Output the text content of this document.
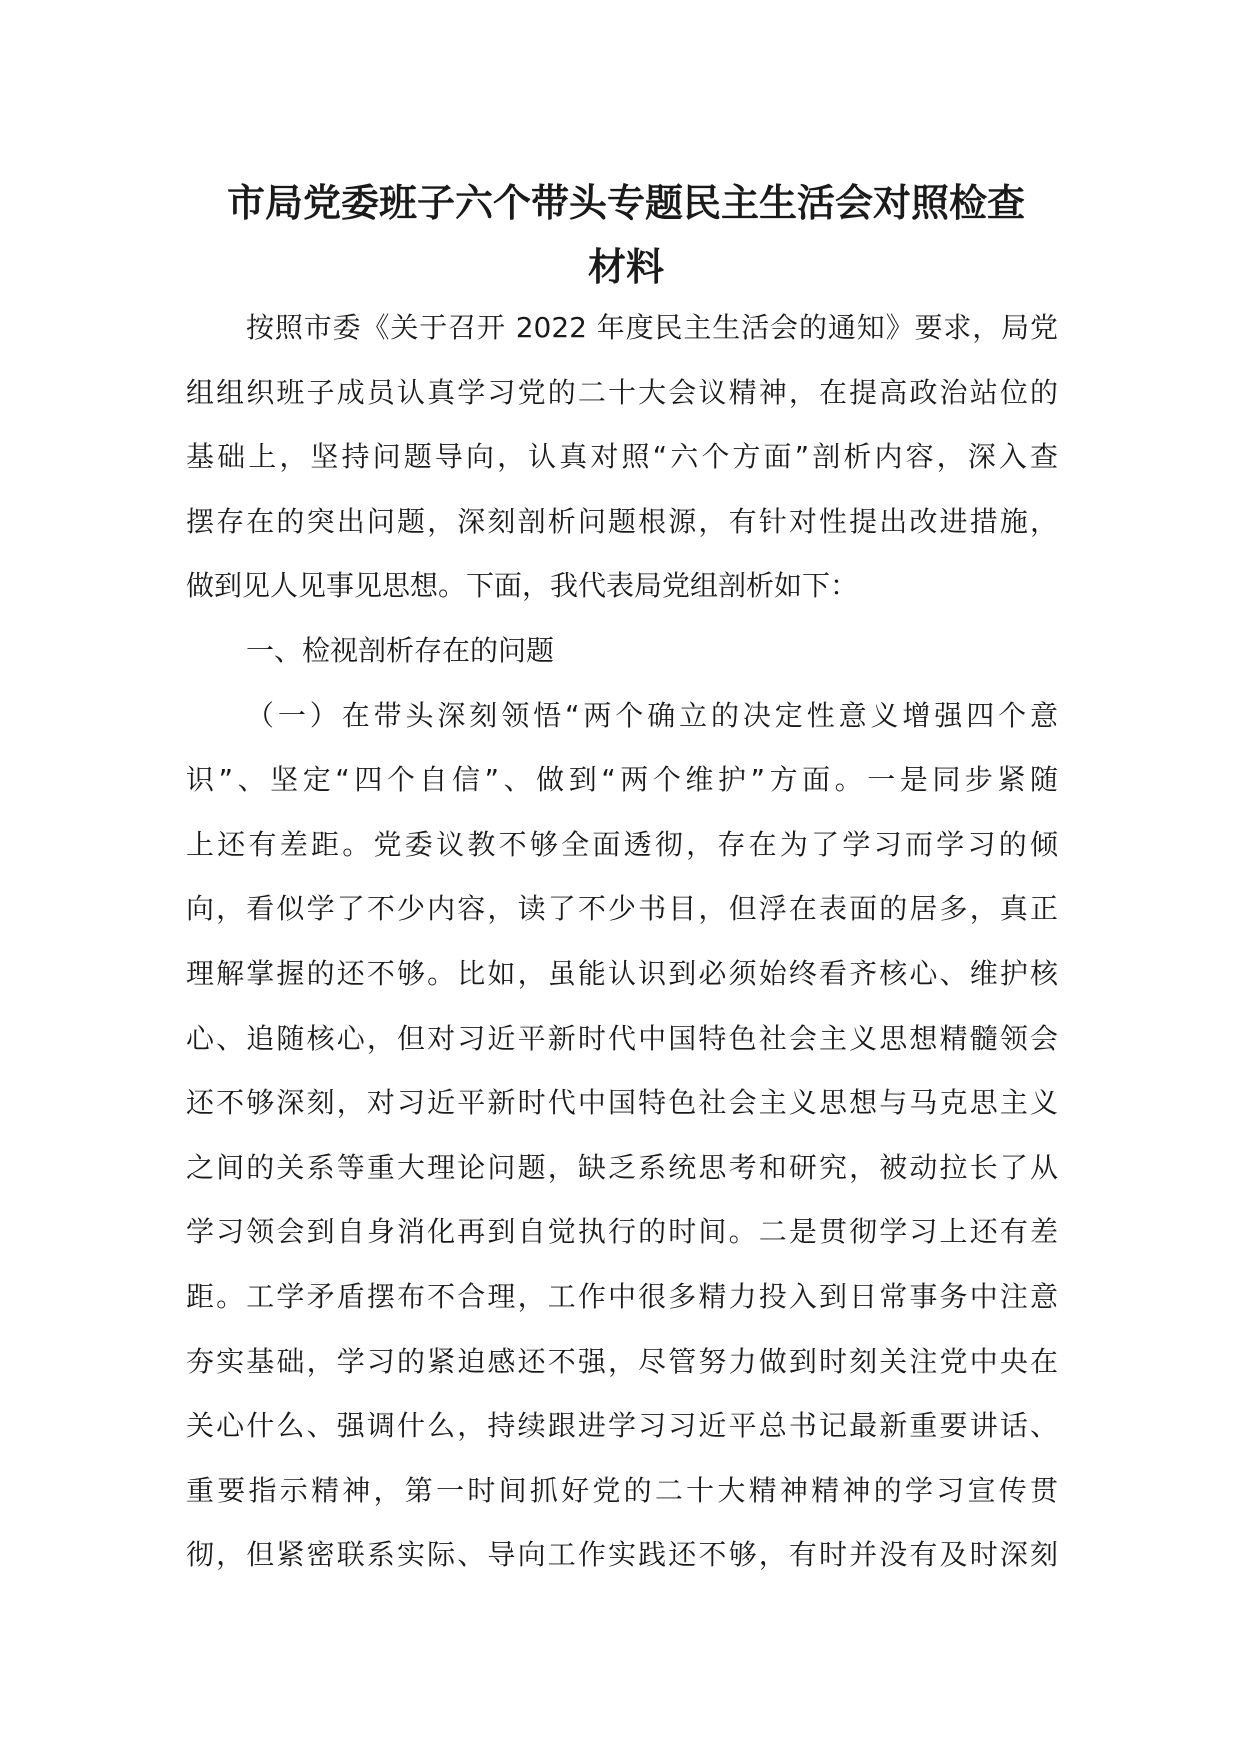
市局党委班子六个带头专题民主生活会对照检查
材料
按照市委《关于召开 2022 年度民主生活会的通知》要求，局党
组组织班子成员认真学习党的二十大会议精神，在提高政治站位的
基础上，坚持问题导向，认真对照“六个方面”剖析内容，深入查
摆存在的突出问题，深刻剖析问题根源，有针对性提出改进措施，
做到见人见事见思想。下面，我代表局党组剖析如下：
一、检视剖析存在的问题
（一）在带头深刻领悟“两个确立的决定性意义增强四个意
识”、坚定“四个自信”、做到“两个维护”方面。一是同步紧随
上还有差距。党委议教不够全面透彻，存在为了学习而学习的倾
向，看似学了不少内容，读了不少书目，但浮在表面的居多，真正
理解掌握的还不够。比如，虽能认识到必须始终看齐核心、维护核
心、追随核心，但对习近平新时代中国特色社会主义思想精髓领会
还不够深刻，对习近平新时代中国特色社会主义思想与马克思主义
之间的关系等重大理论问题，缺乏系统思考和研究，被动拉长了从
学习领会到自身消化再到自觉执行的时间。二是贯彻学习上还有差
距。工学矛盾摆布不合理，工作中很多精力投入到日常事务中注意
夯实基础，学习的紧迫感还不强，尽管努力做到时刻关注党中央在
关心什么、强调什么，持续跟进学习习近平总书记最新重要讲话、
重要指示精神，第一时间抓好党的二十大精神精神的学习宣传贯
彻，但紧密联系实际、导向工作实践还不够，有时并没有及时深刻
